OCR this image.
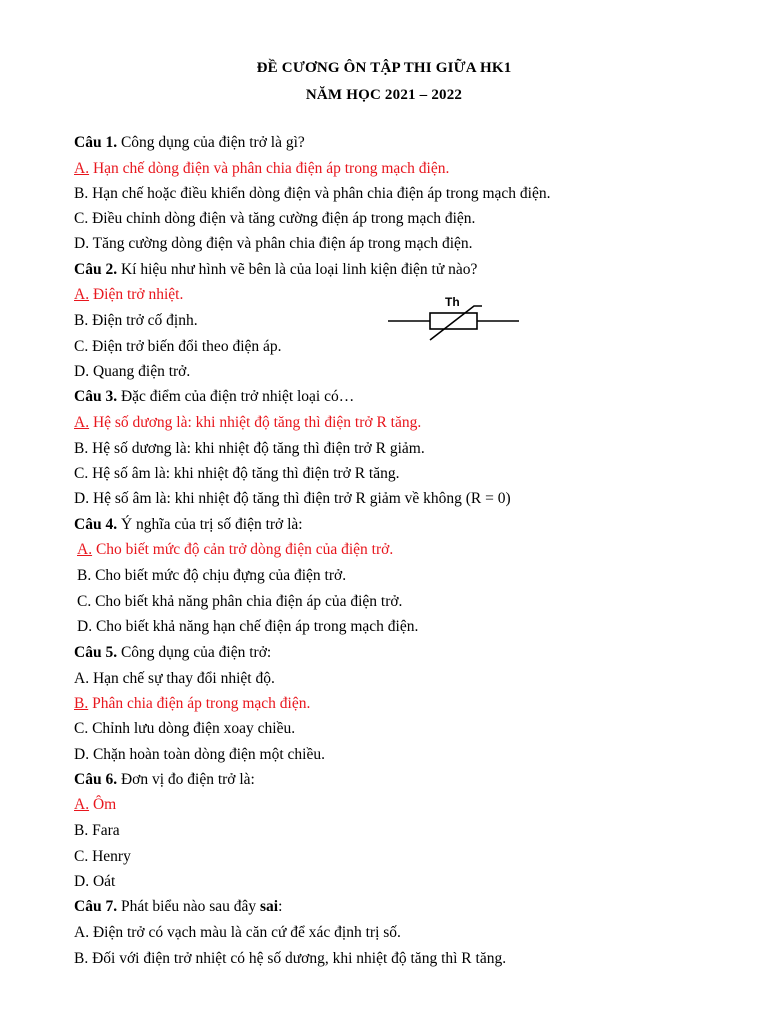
ĐỀ CƯƠNG ÔN TẬP THI GIỮA HK1
NĂM HỌC 2021 – 2022
Câu 1. Công dụng của điện trở là gì?
A. Hạn chế dòng điện và phân chia điện áp trong mạch điện.
B. Hạn chế hoặc điều khiển dòng điện và phân chia điện áp trong mạch điện.
C. Điều chỉnh dòng điện và tăng cường điện áp trong mạch điện.
D. Tăng cường dòng điện và phân chia điện áp trong mạch điện.
Câu 2. Kí hiệu như hình vẽ bên là của loại linh kiện điện tử nào?
A. Điện trở nhiệt.
B. Điện trở cố định.
C. Điện trở biến đổi theo điện áp.
D. Quang điện trở.
Th
Câu 3. Đặc điểm của điện trở nhiệt loại có…
A. Hệ số dương là: khi nhiệt độ tăng thì điện trở R tăng.
B. Hệ số dương là: khi nhiệt độ tăng thì điện trở R giảm.
C. Hệ số âm là: khi nhiệt độ tăng thì điện trở R tăng.
D. Hệ số âm là: khi nhiệt độ tăng thì điện trở R giảm về không (R = 0)
Câu 4. Ý nghĩa của trị số điện trở là:
A. Cho biết mức độ cản trở dòng điện của điện trở.
B. Cho biết mức độ chịu đựng của điện trở.
C. Cho biết khả năng phân chia điện áp của điện trở.
D. Cho biết khả năng hạn chế điện áp trong mạch điện.
Câu 5. Công dụng của điện trở:
A. Hạn chế sự thay đổi nhiệt độ.
B. Phân chia điện áp trong mạch điện.
C. Chỉnh lưu dòng điện xoay chiều.
D. Chặn hoàn toàn dòng điện một chiều.
Câu 6. Đơn vị đo điện trở là:
A. Ôm
B. Fara
C. Henry
D. Oát
Câu 7. Phát biểu nào sau đây sai:
A. Điện trở có vạch màu là căn cứ để xác định trị số.
B. Đối với điện trở nhiệt có hệ số dương, khi nhiệt độ tăng thì R tăng.
